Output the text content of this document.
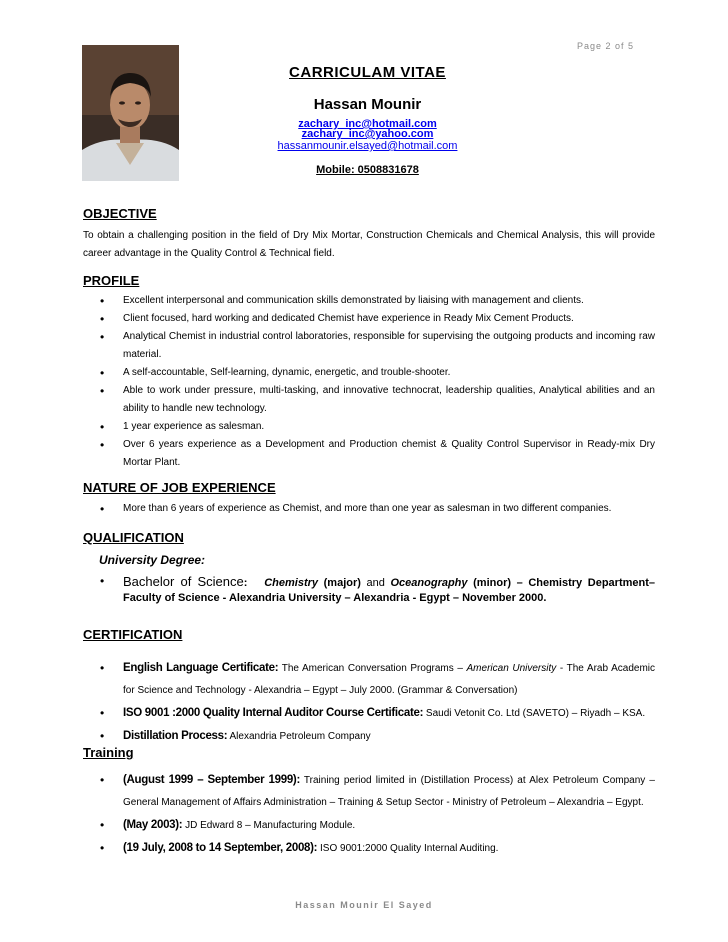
Page 2 of 5
CARRICULAM VITAE
Hassan Mounir
zachary_inc@hotmail.com
zachary_inc@yahoo.com
hassanmounir.elsayed@hotmail.com
Mobile: 0508831678
OBJECTIVE
To obtain a challenging position in the field of Dry Mix Mortar, Construction Chemicals and Chemical Analysis, this will provide career advantage in the Quality Control & Technical field.
PROFILE
• Excellent interpersonal and communication skills demonstrated by liaising with management and clients.
• Client focused, hard working and dedicated Chemist have experience in Ready Mix Cement Products.
• Analytical Chemist in industrial control laboratories, responsible for supervising the outgoing products and incoming raw material.
• A self-accountable, Self-learning, dynamic, energetic, and trouble-shooter.
• Able to work under pressure, multi-tasking, and innovative technocrat, leadership qualities, Analytical abilities and an ability to handle new technology.
• 1 year experience as salesman.
• Over 6 years experience as a Development and Production chemist & Quality Control Supervisor in Ready-mix Dry Mortar Plant.
NATURE OF JOB EXPERIENCE
• More than 6 years of experience as Chemist, and more than one year as salesman in two different companies.
QUALIFICATION
University Degree:
• Bachelor of Science: Chemistry (major) and Oceanography (minor) – Chemistry Department– Faculty of Science - Alexandria University – Alexandria - Egypt – November 2000.
CERTIFICATION
• English Language Certificate: The American Conversation Programs – American University - The Arab Academic for Science and Technology - Alexandria – Egypt – July 2000. (Grammar & Conversation)
• ISO 9001 :2000 Quality Internal Auditor Course Certificate: Saudi Vetonit Co. Ltd (SAVETO) – Riyadh – KSA.
• Distillation Process: Alexandria Petroleum Company
Training
• (August 1999 – September 1999): Training period limited in (Distillation Process) at Alex Petroleum Company – General Management of Affairs Administration – Training & Setup Sector - Ministry of Petroleum – Alexandria – Egypt.
• (May 2003): JD Edward 8 – Manufacturing Module.
• (19 July, 2008 to 14 September, 2008): ISO 9001:2000 Quality Internal Auditing.
Hassan Mounir El Sayed
